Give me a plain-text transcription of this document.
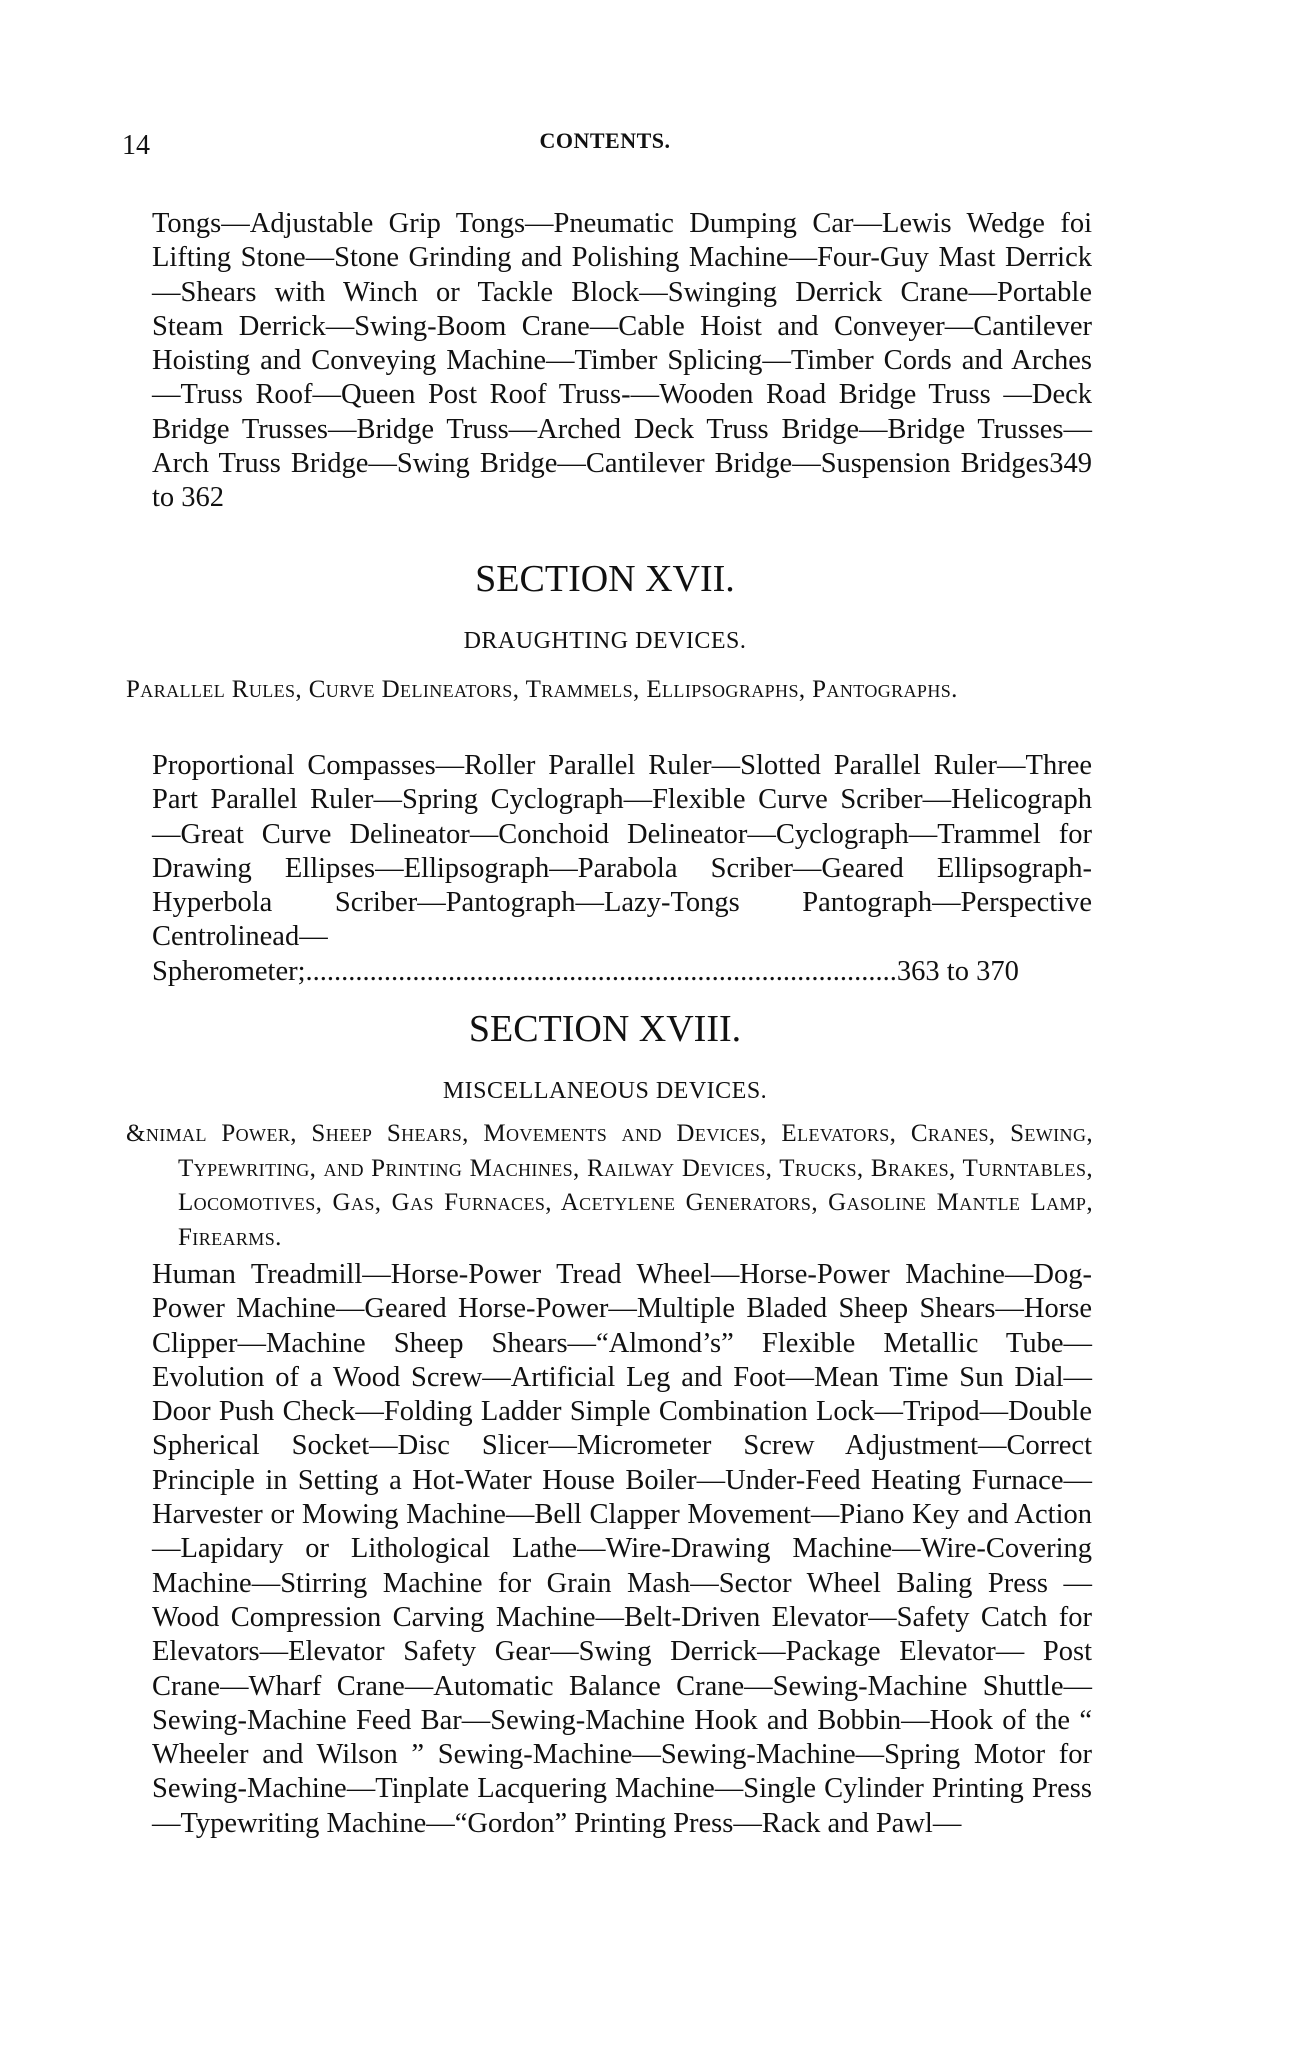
14	CONTENTS.

Tongs—Adjustable Grip Tongs—Pneumatic Dumping Car—Lewis Wedge foi Lifting Stone—Stone Grinding and Polishing Machine—Four-Guy Mast Derrick—Shears with Winch or Tackle Block—Swinging Derrick Crane—Portable Steam Derrick—Swing-Boom Crane—Cable Hoist and Conveyer—Cantilever Hoisting and Conveying Machine—Timber Splicing—Timber Cords and Arches—Truss Roof—Queen Post Roof Truss-—Wooden Road Bridge Truss —Deck Bridge Trusses—Bridge Truss—Arched Deck Truss Bridge—Bridge Trusses—Arch Truss Bridge—Swing Bridge—Cantilever Bridge—Suspension Bridges349 to 362

SECTION XVII.
DRAUGHTING DEVICES.

Parallel Rules, Curve Delineators, Trammels, Ellipsographs, Pantographs.

Proportional Compasses—Roller Parallel Ruler—Slotted Parallel Ruler—Three Part Parallel Ruler—Spring Cyclograph—Flexible Curve Scriber—Helicograph —Great Curve Delineator—Conchoid Delineator—Cyclograph—Trammel for Drawing Ellipses—Ellipsograph—Parabola Scriber—Geared Ellipsograph-Hyperbola Scriber—Pantograph—Lazy-Tongs Pantograph—Perspective Centrolinead—Spherometer;...................................................................................363 to 370

SECTION XVIII.
MISCELLANEOUS DEVICES.

&nimal Power, Sheep Shears, Movements and Devices, Elevators, Cranes, Sewing, Typewriting, and Printing Machines, Railway Devices, Trucks, Brakes, Turntables, Locomotives, Gas, Gas Furnaces, Acetylene Generators, Gasoline Mantle Lamp, Firearms.

Human Treadmill—Horse-Power Tread Wheel—Horse-Power Machine—Dog-Power Machine—Geared Horse-Power—Multiple Bladed Sheep Shears—Horse Clipper—Machine Sheep Shears—“Almond’s” Flexible Metallic Tube—Evolution of a Wood Screw—Artificial Leg and Foot—Mean Time Sun Dial—Door Push Check—Folding Ladder Simple Combination Lock—Tripod—Double Spherical Socket—Disc Slicer—Micrometer Screw Adjustment—Correct Principle in Setting a Hot-Water House Boiler—Under-Feed Heating Furnace—Harvester or Mowing Machine—Bell Clapper Movement—Piano Key and Action—Lapidary or Lithological Lathe—Wire-Drawing Machine—Wire-Covering Machine—Stirring Machine for Grain Mash—Sector Wheel Baling Press —Wood Compression Carving Machine—Belt-Driven Elevator—Safety Catch for Elevators—Elevator Safety Gear—Swing Derrick—Package Elevator— Post Crane—Wharf Crane—Automatic Balance Crane—Sewing-Machine Shuttle—Sewing-Machine Feed Bar—Sewing-Machine Hook and Bobbin—Hook of the “ Wheeler and Wilson ” Sewing-Machine—Sewing-Machine—Spring Motor for Sewing-Machine—Tinplate Lacquering Machine—Single Cylinder Printing Press—Typewriting Machine—“Gordon” Printing Press—Rack and Pawl—
